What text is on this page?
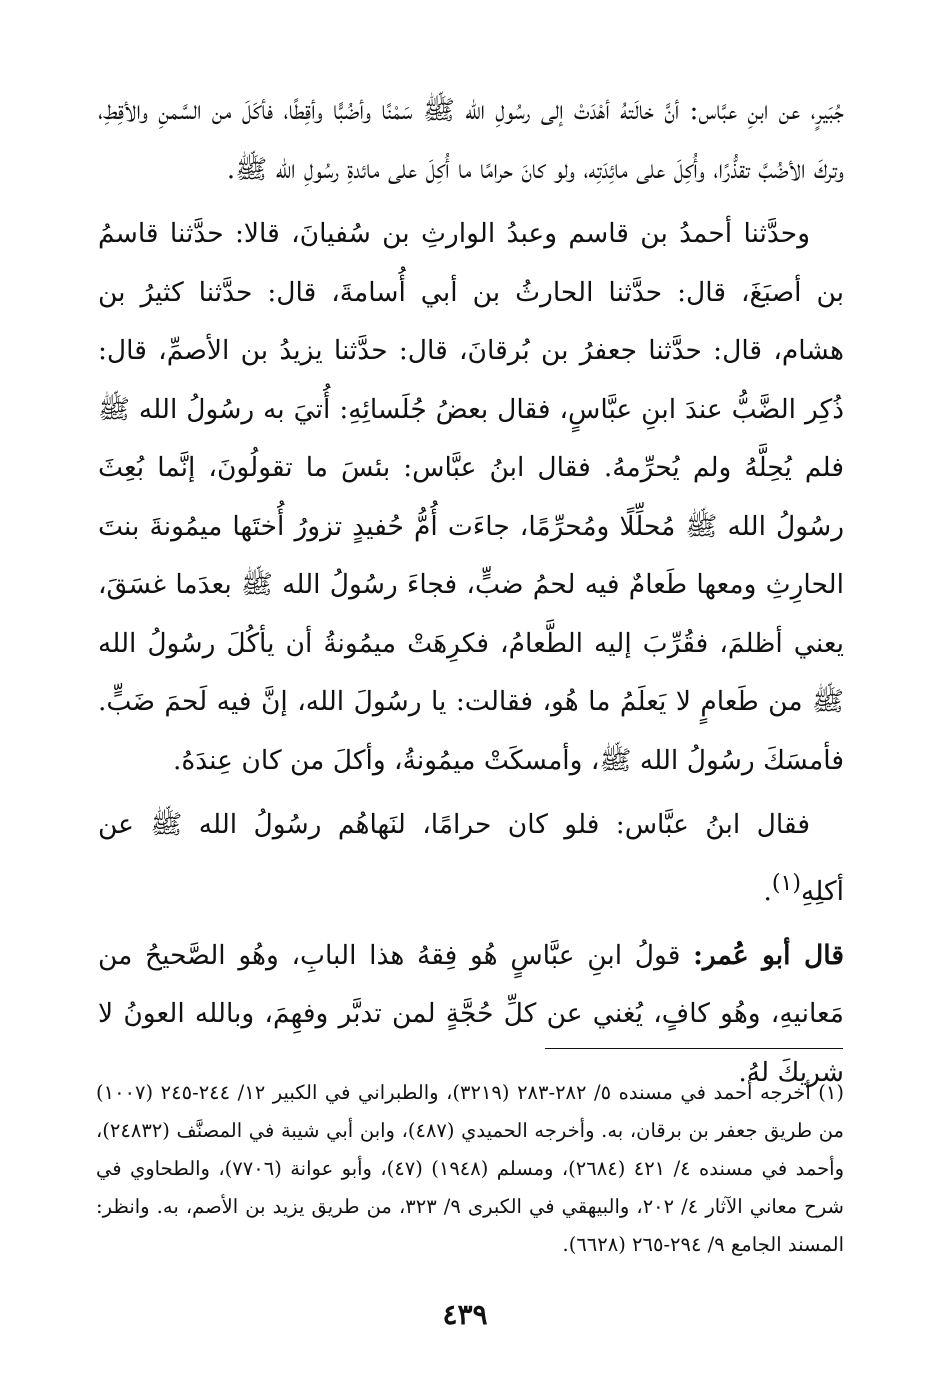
جُبَيرٍ، عن ابنِ عبَّاس: أنَّ خالَتهُ أهْدَتْ إلى رسُولِ الله ﷺ سَمْنًا وأضُبًّا وأقِطًا، فأكَلَ من السَّمنِ والأقِطِ، وتركَ الأضُبَّ تقذُّرًا، وأُكِلَ على مائِدَتِه، ولو كانَ حرامًا ما أُكِلَ على مائدةِ رسُولِ الله ﷺ.

وحدَّثنا أحمدُ بن قاسم وعبدُ الوارثِ بن سُفيانَ، قالا: حدَّثنا قاسمُ بن أصبَغَ، قال: حدَّثنا الحارثُ بن أبي أُسامةَ، قال: حدَّثنا كثيرُ بن هشام، قال: حدَّثنا جعفرُ بن بُرقانَ، قال: حدَّثنا يزيدُ بن الأصمِّ، قال: ذُكِر الضَّبُّ عندَ ابنِ عبَّاسٍ، فقال بعضُ جُلَسائِهِ: أُتيَ به رسُولُ الله ﷺ فلم يُحِلَّهُ ولم يُحرِّمهُ. فقال ابنُ عبَّاس: بئسَ ما تقولُونَ، إنَّما بُعِثَ رسُولُ الله ﷺ مُحلِّلًا ومُحرِّمًا، جاءَت أُمُّ حُفيدٍ تزورُ أُختَها ميمُونةَ بنتَ الحارِثِ ومعها طَعامٌ فيه لحمُ ضبٍّ، فجاءَ رسُولُ الله ﷺ بعدَما غسَقَ، يعني أظلمَ، فقُرِّبَ إليه الطَّعامُ، فكرِهَتْ ميمُونةُ أن يأكُلَ رسُولُ الله ﷺ من طَعامٍ لا يَعلَمُ ما هُو، فقالت: يا رسُولَ الله، إنَّ فيه لَحمَ ضَبٍّ. فأمسَكَ رسُولُ الله ﷺ، وأمسكَتْ ميمُونةُ، وأكلَ من كان عِندَهُ.

فقال ابنُ عبَّاس: فلو كان حرامًا، لنَهاهُم رسُولُ الله ﷺ عن أكلِهِ$^{(١)}$.

قال أبو عُمر: قولُ ابنِ عبَّاسٍ هُو فِقهُ هذا البابِ، وهُو الصَّحيحُ من مَعانيهِ، وهُو كافٍ، يُغني عن كلِّ حُجَّةٍ لمن تدبَّر وفهِمَ، وبالله العونُ لا شريكَ لهُ.

(١) أخرجه أحمد في مسنده ٥/ ٢٨٢-٢٨٣ (٣٢١٩)، والطبراني في الكبير ١٢/ ٢٤٤-٢٤٥ (١٠٠٧) من طريق جعفر بن برقان، به. وأخرجه الحميدي (٤٨٧)، وابن أبي شيبة في المصنَّف (٢٤٨٣٢)، وأحمد في مسنده ٤/ ٤٢١ (٢٦٨٤)، ومسلم (١٩٤٨) (٤٧)، وأبو عوانة (٧٧٠٦)، والطحاوي في شرح معاني الآثار ٤/ ٢٠٢، والبيهقي في الكبرى ٩/ ٣٢٣، من طريق يزيد بن الأصم، به. وانظر: المسند الجامع ٩/ ٢٩٤-٢٦٥ (٦٦٢٨).

٤٣٩
